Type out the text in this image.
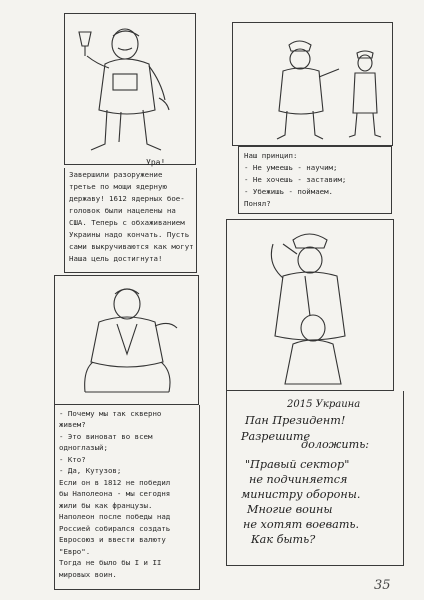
Ура!
Завершили разоружение
третье по мощи ядерную
державу! 1612 ядерных бое-
головок были нацелены на
США. Теперь с обхаживанием
Украины надо кончать. Пусть
сами выкручиваются как могут
Наша цель достигнута!
Наш принцип:
- Не умеешь - научим;
- Не хочешь - заставим;
- Убежишь - поймаем.
Понял?
- Почему мы так скверно
живем?
- Это виноват во всем
одноглазый;
- Кто?
- Да, Кутузов;
Если он в 1812 не победил
бы Наполеона - мы сегодня
жили бы как французы.
Наполеон после победы над
Россией собирался создать
Евросоюз и ввести валюту
"Евро".
Тогда не было бы I и II
мировых воин.
2015 Украина
Пан Президент!
Разрешите
доложить:
"Правый сектор"
не подчиняется
министру обороны.
Многие воины
не хотят воевать.
Как быть?
35
